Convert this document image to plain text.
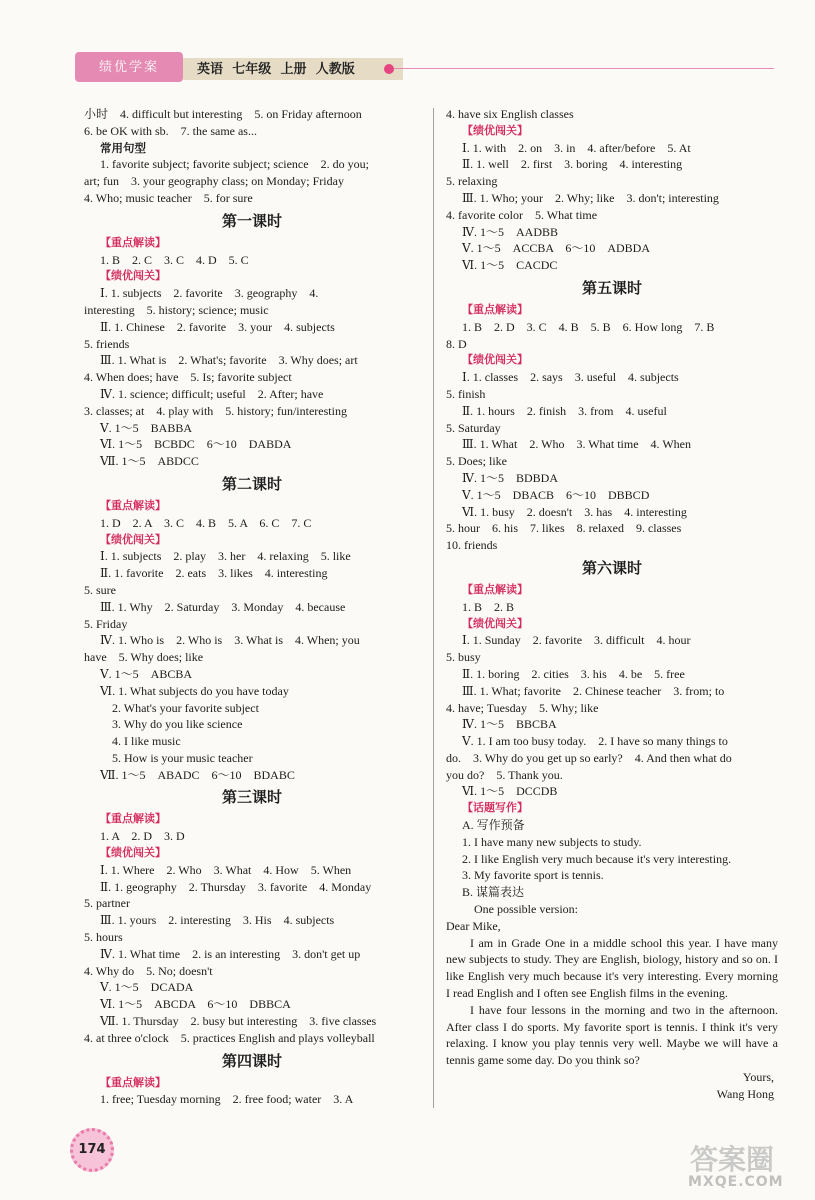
绩优学案	英语 七年级 上册 人教版
小时　4. difficult but interesting　5. on Friday afternoon
6. be OK with sb.　7. the same as...
常用句型
1. favorite subject; favorite subject; science　2. do you;
art; fun　3. your geography class; on Monday; Friday
4. Who; music teacher　5. for sure
第一课时
【重点解读】
1. B　2. C　3. C　4. D　5. C
【绩优闯关】
Ⅰ. 1. subjects　2. favorite　3. geography　4.
interesting　5. history; science; music
Ⅱ. 1. Chinese　2. favorite　3. your　4. subjects
5. friends
Ⅲ. 1. What is　2. What's; favorite　3. Why does; art
4. When does; have　5. Is; favorite subject
Ⅳ. 1. science; difficult; useful　2. After; have
3. classes; at　4. play with　5. history; fun/interesting
Ⅴ. 1～5　BABBA
Ⅵ. 1～5　BCBDC　6～10　DABDA
Ⅶ. 1～5　ABDCC
第二课时
【重点解读】
1. D　2. A　3. C　4. B　5. A　6. C　7. C
【绩优闯关】
Ⅰ. 1. subjects　2. play　3. her　4. relaxing　5. like
Ⅱ. 1. favorite　2. eats　3. likes　4. interesting
5. sure
Ⅲ. 1. Why　2. Saturday　3. Monday　4. because
5. Friday
Ⅳ. 1. Who is　2. Who is　3. What is　4. When; you
have　5. Why does; like
Ⅴ. 1～5　ABCBA
Ⅵ. 1. What subjects do you have today
2. What's your favorite subject
3. Why do you like science
4. I like music
5. How is your music teacher
Ⅶ. 1～5　ABADC　6～10　BDABC
第三课时
【重点解读】
1. A　2. D　3. D
【绩优闯关】
Ⅰ. 1. Where　2. Who　3. What　4. How　5. When
Ⅱ. 1. geography　2. Thursday　3. favorite　4. Monday
5. partner
Ⅲ. 1. yours　2. interesting　3. His　4. subjects
5. hours
Ⅳ. 1. What time　2. is an interesting　3. don't get up
4. Why do　5. No; doesn't
Ⅴ. 1～5　DCADA
Ⅵ. 1～5　ABCDA　6～10　DBBCA
Ⅶ. 1. Thursday　2. busy but interesting　3. five classes
4. at three o'clock　5. practices English and plays volleyball
第四课时
【重点解读】
1. free; Tuesday morning　2. free food; water　3. A
4. have six English classes
【绩优闯关】
Ⅰ. 1. with　2. on　3. in　4. after/before　5. At
Ⅱ. 1. well　2. first　3. boring　4. interesting
5. relaxing
Ⅲ. 1. Who; your　2. Why; like　3. don't; interesting
4. favorite color　5. What time
Ⅳ. 1～5　AADBB
Ⅴ. 1～5　ACCBA　6～10　ADBDA
Ⅵ. 1～5　CACDC
第五课时
【重点解读】
1. B　2. D　3. C　4. B　5. B　6. How long　7. B
8. D
【绩优闯关】
Ⅰ. 1. classes　2. says　3. useful　4. subjects
5. finish
Ⅱ. 1. hours　2. finish　3. from　4. useful
5. Saturday
Ⅲ. 1. What　2. Who　3. What time　4. When
5. Does; like
Ⅳ. 1～5　BDBDA
Ⅴ. 1～5　DBACB　6～10　DBBCD
Ⅵ. 1. busy　2. doesn't　3. has　4. interesting
5. hour　6. his　7. likes　8. relaxed　9. classes
10. friends
第六课时
【重点解读】
1. B　2. B
【绩优闯关】
Ⅰ. 1. Sunday　2. favorite　3. difficult　4. hour
5. busy
Ⅱ. 1. boring　2. cities　3. his　4. be　5. free
Ⅲ. 1. What; favorite　2. Chinese teacher　3. from; to
4. have; Tuesday　5. Why; like
Ⅳ. 1～5　BBCBA
Ⅴ. 1. I am too busy today.　2. I have so many things to
do.　3. Why do you get up so early?　4. And then what do
you do?　5. Thank you.
Ⅵ. 1～5　DCCDB
【话题写作】
A. 写作预备
1. I have many new subjects to study.
2. I like English very much because it's very interesting.
3. My favorite sport is tennis.
B. 谋篇表达
One possible version:
Dear Mike,
I am in Grade One in a middle school this year. I have many new subjects to study. They are English, biology, history and so on. I like English very much because it's very interesting. Every morning I read English and I often see English films in the evening.
I have four lessons in the morning and two in the afternoon. After class I do sports. My favorite sport is tennis. I think it's very relaxing. I know you play tennis very well. Maybe we will have a tennis game some day. Do you think so?
Yours,
Wang Hong
174	答案圈
MXQE.COM
